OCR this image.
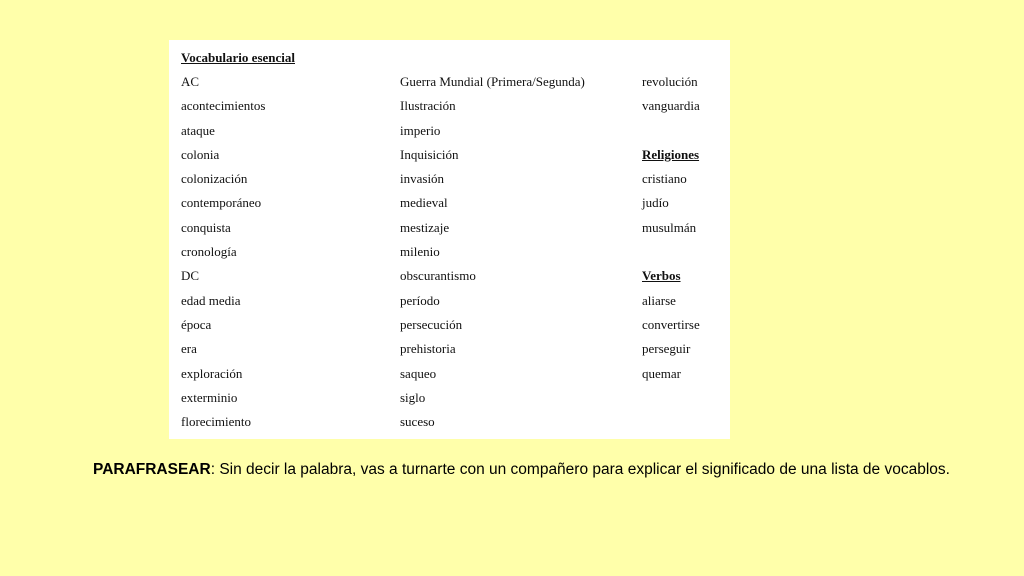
Vocabulario esencial
AC
acontecimientos
ataque
colonia
colonización
contemporáneo
conquista
cronología
DC
edad media
época
era
exploración
exterminio
florecimiento
Guerra Mundial (Primera/Segunda)
Ilustración
imperio
Inquisición
invasión
medieval
mestizaje
milenio
obscurantismo
período
persecución
prehistoria
saqueo
siglo
suceso
revolución
vanguardia
Religiones
cristiano
judío
musulmán
Verbos
aliarse
convertirse
perseguir
quemar
PARAFRASEAR: Sin decir la palabra, vas a turnarte con un compañero para explicar el significado de una lista de vocablos.
